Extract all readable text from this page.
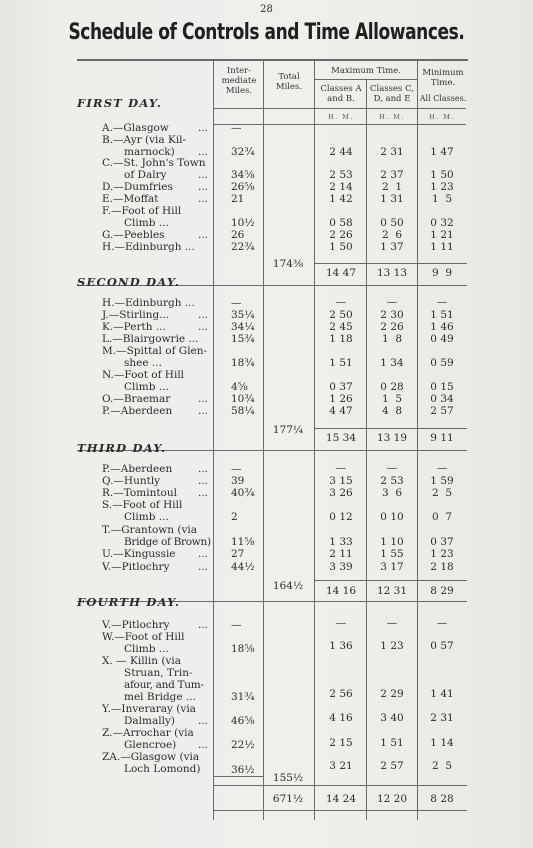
28
Schedule of Controls and Time Allowances.
Inter- mediate Miles.
Total Miles.
Maximum Time.
Classes A and B.
Classes C, D, and E
Minimum Time.
All Classes.
H. M.	H. M.	H. M.
FIRST DAY.
A.—Glasgow	... —
B.—Ayr (via Kil-
marnock) ... 32¾	2 44	2 31	1 47
C.—St. John's Town
of Dalry	... 34⅝	2 53	2 37	1 50
D.—Dumfries ... 26⅝	2 14	2  1	1 23
E.—Moffat	... 21	1 42	1 31	1  5
F.—Foot of Hill
Climb ...	10½	0 58	0 50	0 32
G.—Peebles	... 26	2 26	2  6	1 21
H.—Edinburgh ...	22¾	1 50	1 37	1 11
174⅜
14 47	13 13	9  9
SECOND DAY.
H.—Edinburgh ...	—	—	—	—
J.—Stirling...	... 35¼	2 50	2 30	1 51
K.—Perth ...	... 34¼	2 45	2 26	1 46
L.—Blairgowrie ...	15¾	1 18	1  8	0 49
M.—Spittal of Glen-
shee ...	18¾	1 51	1 34	0 59
N.—Foot of Hill
Climb ...	4⅝	0 37	0 28	0 15
O.—Braemar	... 10¾	1 26	1  5	0 34
P.—Aberdeen ... 58¼	4 47	4  8	2 57
177¼
15 34	13 19	9 11
THIRD DAY.
P.—Aberdeen ... —	—	—	—
Q.—Huntly	... 39	3 15	2 53	1 59
R.—Tomintoul ... 40¾	3 26	3  6	2  5
S.—Foot of Hill
Climb ...	2	0 12	0 10	0  7
T.—Grantown (via
Bridge of Brown)	11⅝	1 33	1 10	0 37
U.—Kingussie ... 27	2 11	1 55	1 23
V.—Pitlochry	... 44½	3 39	3 17	2 18
164½	14 16	12 31	8 29
FOURTH DAY.
V.—Pitlochry	... —	—	—	—
W.—Foot of Hill
Climb ...	18⅝	1 36	1 23	0 57
X. — Killin (via
Struan, Trin-
afour, and Tum-
mel Bridge ...	31¾	2 56	2 29	1 41
Y.—Inveraray (via
Dalmally) ... 46⅝	4 16	3 40	2 31
Z.—Arrochar (via
Glencroe) ... 22½	2 15	1 51	1 14
ZA.—Glasgow (via
Loch Lomond)	36½	3 21	2 57	2  5
155½
671½	14 24	12 20	8 28
